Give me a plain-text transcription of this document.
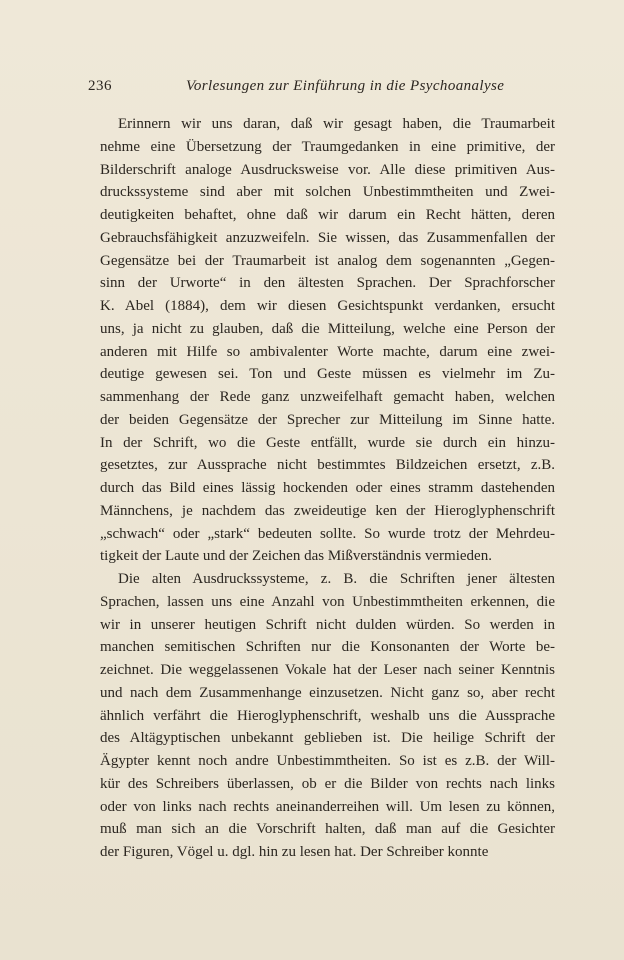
236	Vorlesungen zur Einführung in die Psychoanalyse
Erinnern wir uns daran, daß wir gesagt haben, die Traumarbeit
nehme eine Übersetzung der Traumgedanken in eine primitive, der
Bilderschrift analoge Ausdrucksweise vor. Alle diese primitiven Aus-
druckssysteme sind aber mit solchen Unbestimmtheiten und Zwei-
deutigkeiten behaftet, ohne daß wir darum ein Recht hätten, deren
Gebrauchsfähigkeit anzuzweifeln. Sie wissen, das Zusammenfallen der
Gegensätze bei der Traumarbeit ist analog dem sogenannten „Gegen-
sinn der Urworte“ in den ältesten Sprachen. Der Sprachforscher
K. Abel (1884), dem wir diesen Gesichtspunkt verdanken, ersucht
uns, ja nicht zu glauben, daß die Mitteilung, welche eine Person der
anderen mit Hilfe so ambivalenter Worte machte, darum eine zwei-
deutige gewesen sei. Ton und Geste müssen es vielmehr im Zu-
sammenhang der Rede ganz unzweifelhaft gemacht haben, welchen
der beiden Gegensätze der Sprecher zur Mitteilung im Sinne hatte.
In der Schrift, wo die Geste entfällt, wurde sie durch ein hinzu-
gesetztes, zur Aussprache nicht bestimmtes Bildzeichen ersetzt, z.B.
durch das Bild eines lässig hockenden oder eines stramm dastehenden
Männchens, je nachdem das zweideutige ken der Hieroglyphenschrift
„schwach“ oder „stark“ bedeuten sollte. So wurde trotz der Mehrdeu-
tigkeit der Laute und der Zeichen das Mißverständnis vermieden.
Die alten Ausdruckssysteme, z. B. die Schriften jener ältesten
Sprachen, lassen uns eine Anzahl von Unbestimmtheiten erkennen, die
wir in unserer heutigen Schrift nicht dulden würden. So werden in
manchen semitischen Schriften nur die Konsonanten der Worte be-
zeichnet. Die weggelassenen Vokale hat der Leser nach seiner Kenntnis
und nach dem Zusammenhange einzusetzen. Nicht ganz so, aber recht
ähnlich verfährt die Hieroglyphenschrift, weshalb uns die Aussprache
des Altägyptischen unbekannt geblieben ist. Die heilige Schrift der
Ägypter kennt noch andre Unbestimmtheiten. So ist es z.B. der Will-
kür des Schreibers überlassen, ob er die Bilder von rechts nach links
oder von links nach rechts aneinanderreihen will. Um lesen zu können,
muß man sich an die Vorschrift halten, daß man auf die Gesichter
der Figuren, Vögel u. dgl. hin zu lesen hat. Der Schreiber konnte
